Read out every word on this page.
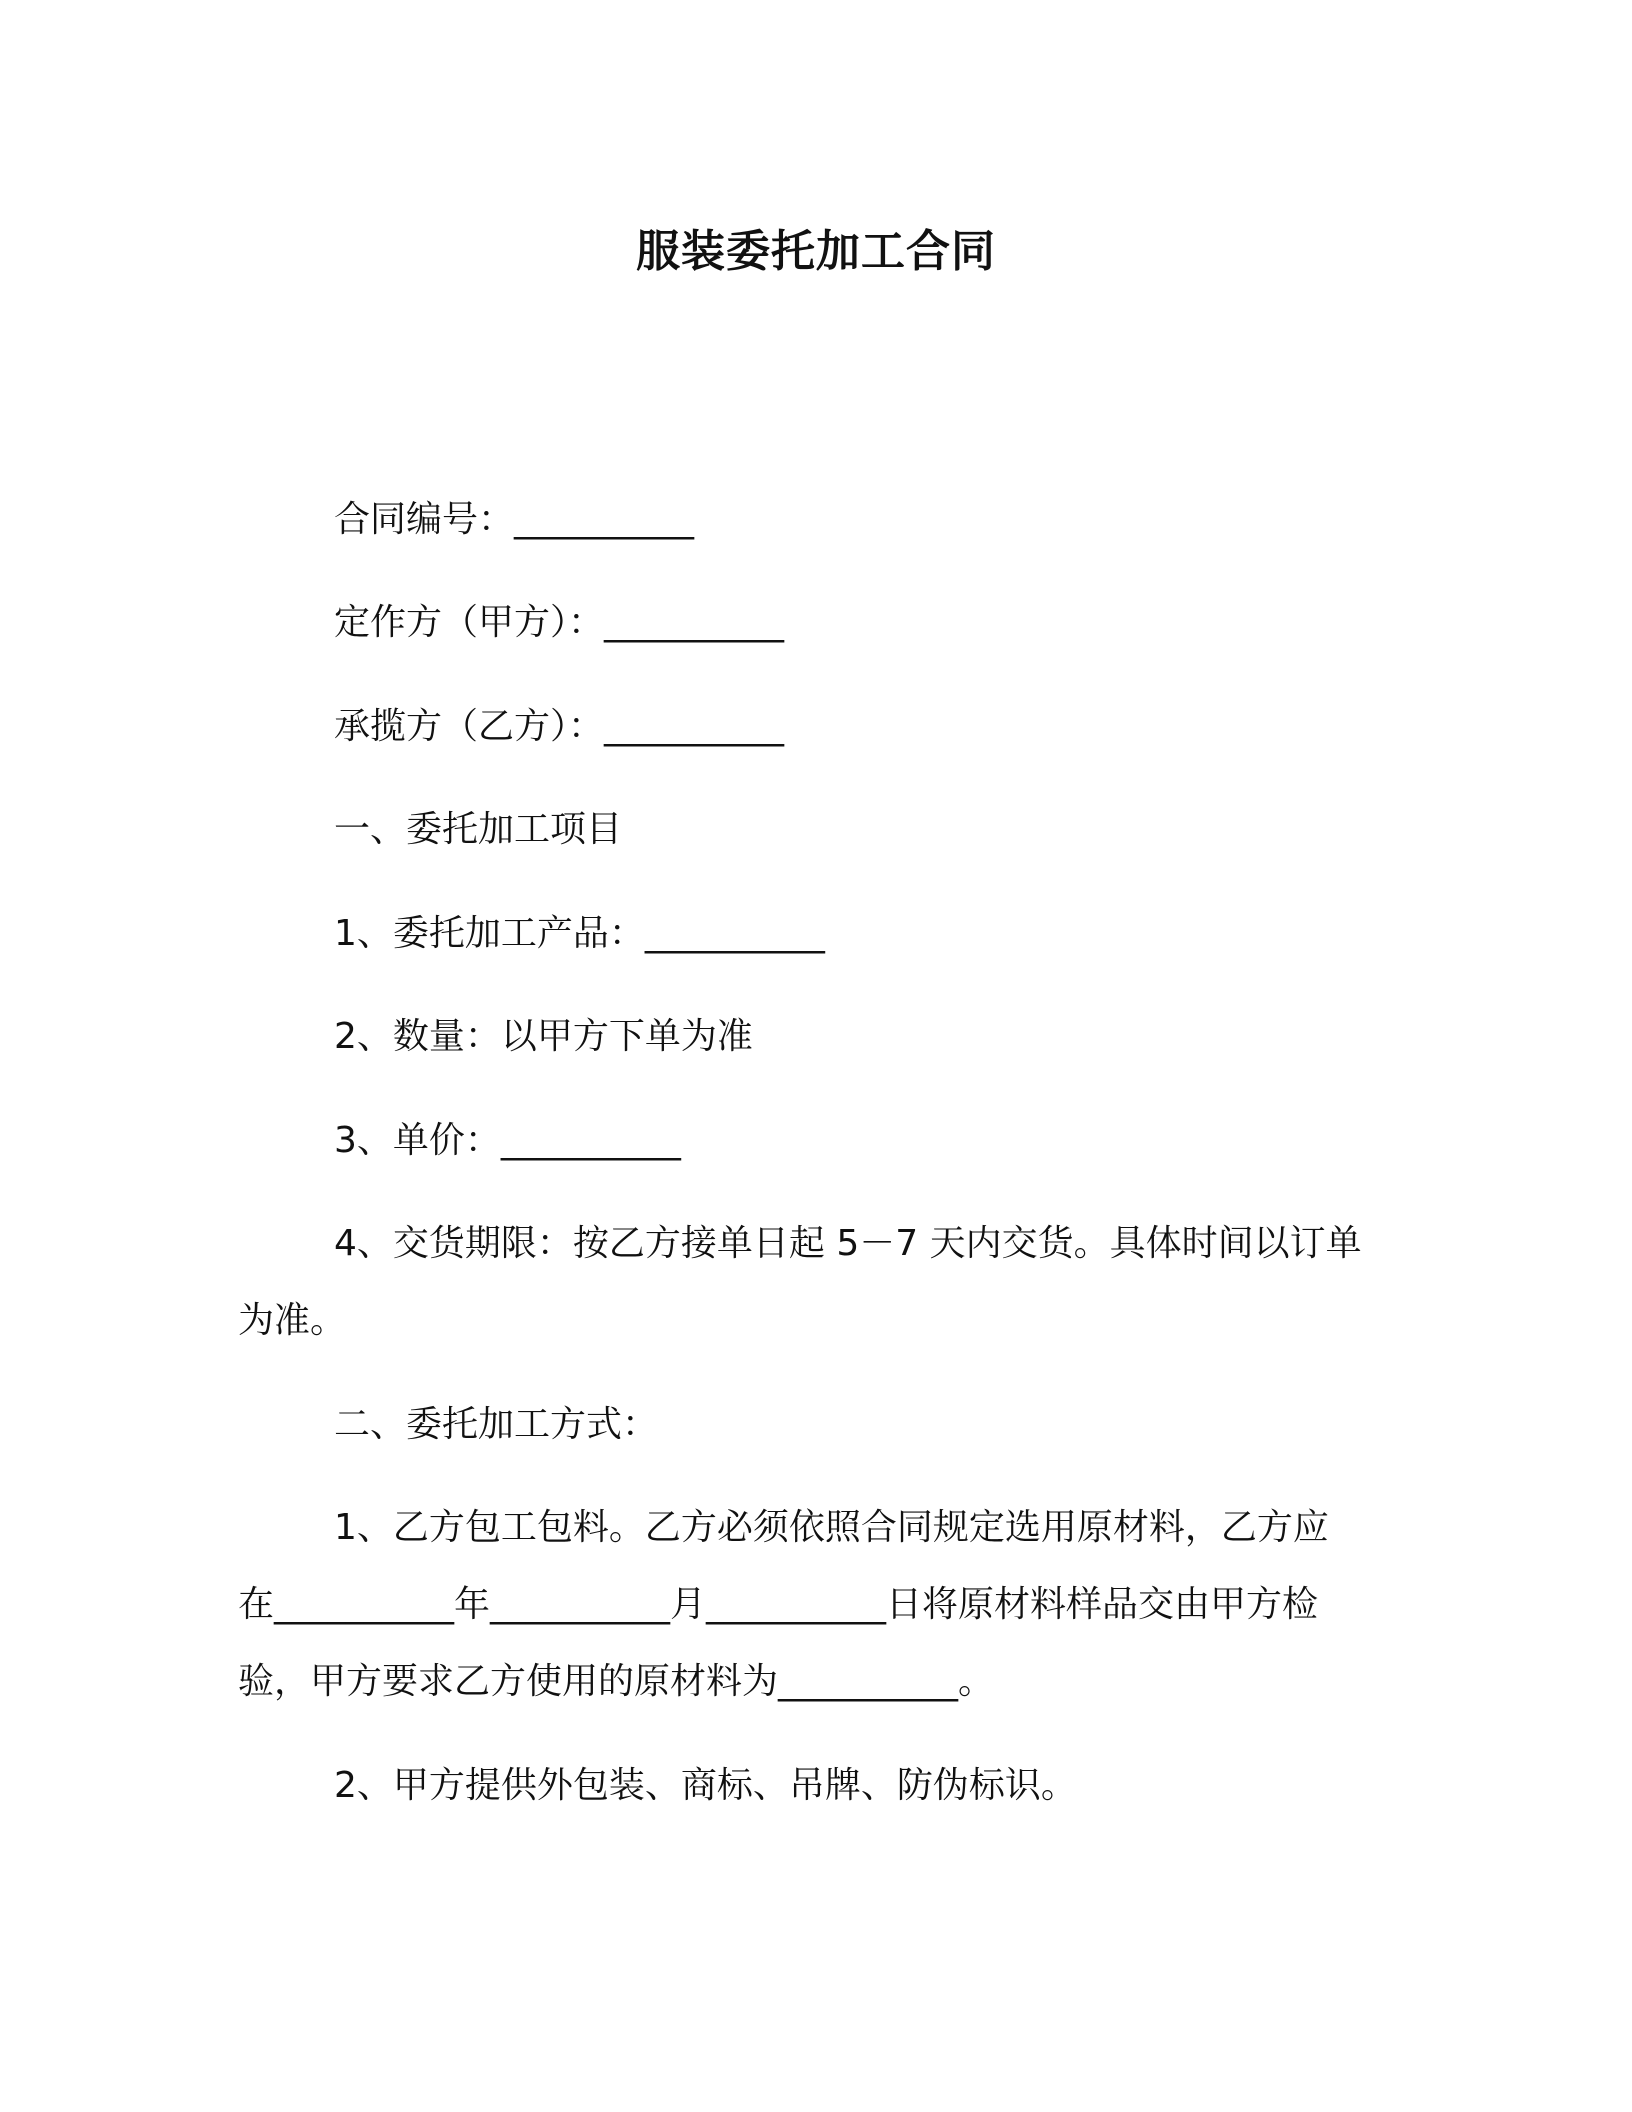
服装委托加工合同
合同编号：__________
定作方（甲方）：__________
承揽方（乙方）：__________
一、委托加工项目
1、委托加工产品：__________
2、数量：以甲方下单为准
3、单价：__________
4、交货期限：按乙方接单日起 5－7 天内交货。具体时间以订单
为准。
二、委托加工方式：
1、乙方包工包料。乙方必须依照合同规定选用原材料，乙方应
在__________年__________月__________日将原材料样品交由甲方检
验，甲方要求乙方使用的原材料为__________。
2、甲方提供外包装、商标、吊牌、防伪标识。
